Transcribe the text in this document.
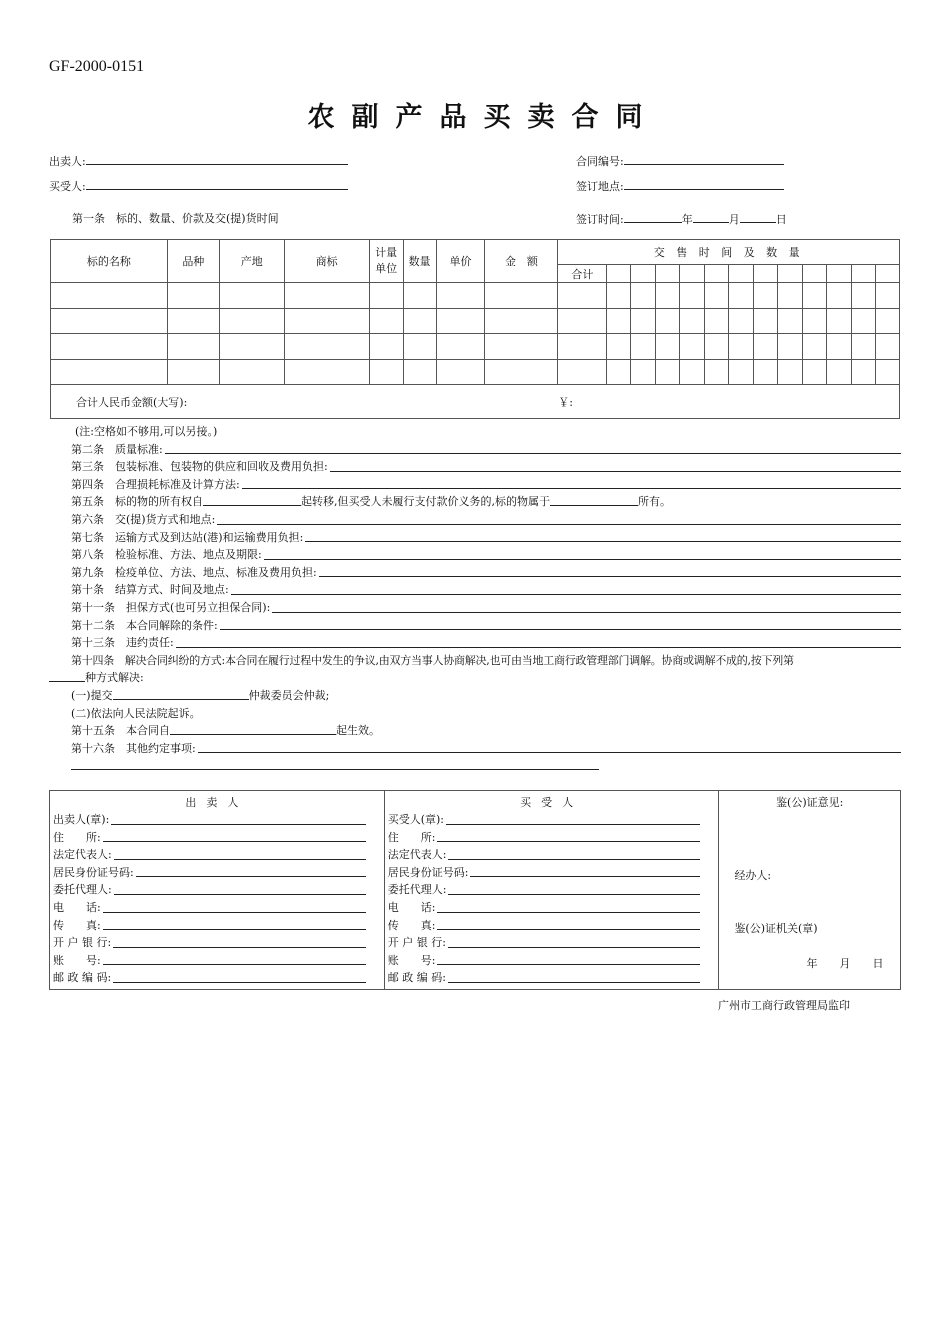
GF-2000-0151
农副产品买卖合同
出卖人:
买受人:
合同编号:
签订地点:
第一条　标的、数量、价款及交(提)货时间	签订时间:	年	月	日
标的名称	品种	产地	商标	计量单位	数量	单价	金　额	交 售 时 间 及 数 量												
								合计												

合计人民币金额(大写): ￥:																				
(注:空格如不够用,可以另接。)
第二条　质量标准:
第三条　包装标准、包装物的供应和回收及费用负担:
第四条　合理损耗标准及计算方法:
第五条　标的物的所有权自	起转移,但买受人未履行支付款价义务的,标的物属于	所有。
第六条　交(提)货方式和地点:
第七条　运输方式及到达站(港)和运输费用负担:
第八条　检验标准、方法、地点及期限:
第九条　检疫单位、方法、地点、标准及费用负担:
第十条　结算方式、时间及地点:
第十一条　担保方式(也可另立担保合同):
第十二条　本合同解除的条件:
第十三条　违约责任:
第十四条　解决合同纠纷的方式:本合同在履行过程中发生的争议,由双方当事人协商解决,也可由当地工商行政管理部门调解。协商或调解不成的,按下列第
种方式解决:
(一)提交	仲裁委员会仲裁;
(二)依法向人民法院起诉。
第十五条　本合同自	起生效。
第十六条　其他约定事项:
出卖人
出卖人(章):
住　　所:
法定代表人:
居民身份证号码:
委托代理人:
电　　话:
传　　真:
开 户 银 行:
账　　号:
邮 政 编 码:

买受人
买受人(章):
住　　所:
法定代表人:
居民身份证号码:
委托代理人:
电　　话:
传　　真:
开 户 银 行:
账　　号:
邮 政 编 码:

鉴(公)证意见:
经办人:
鉴(公)证机关(章)
年 月 日
广州市工商行政管理局监印
